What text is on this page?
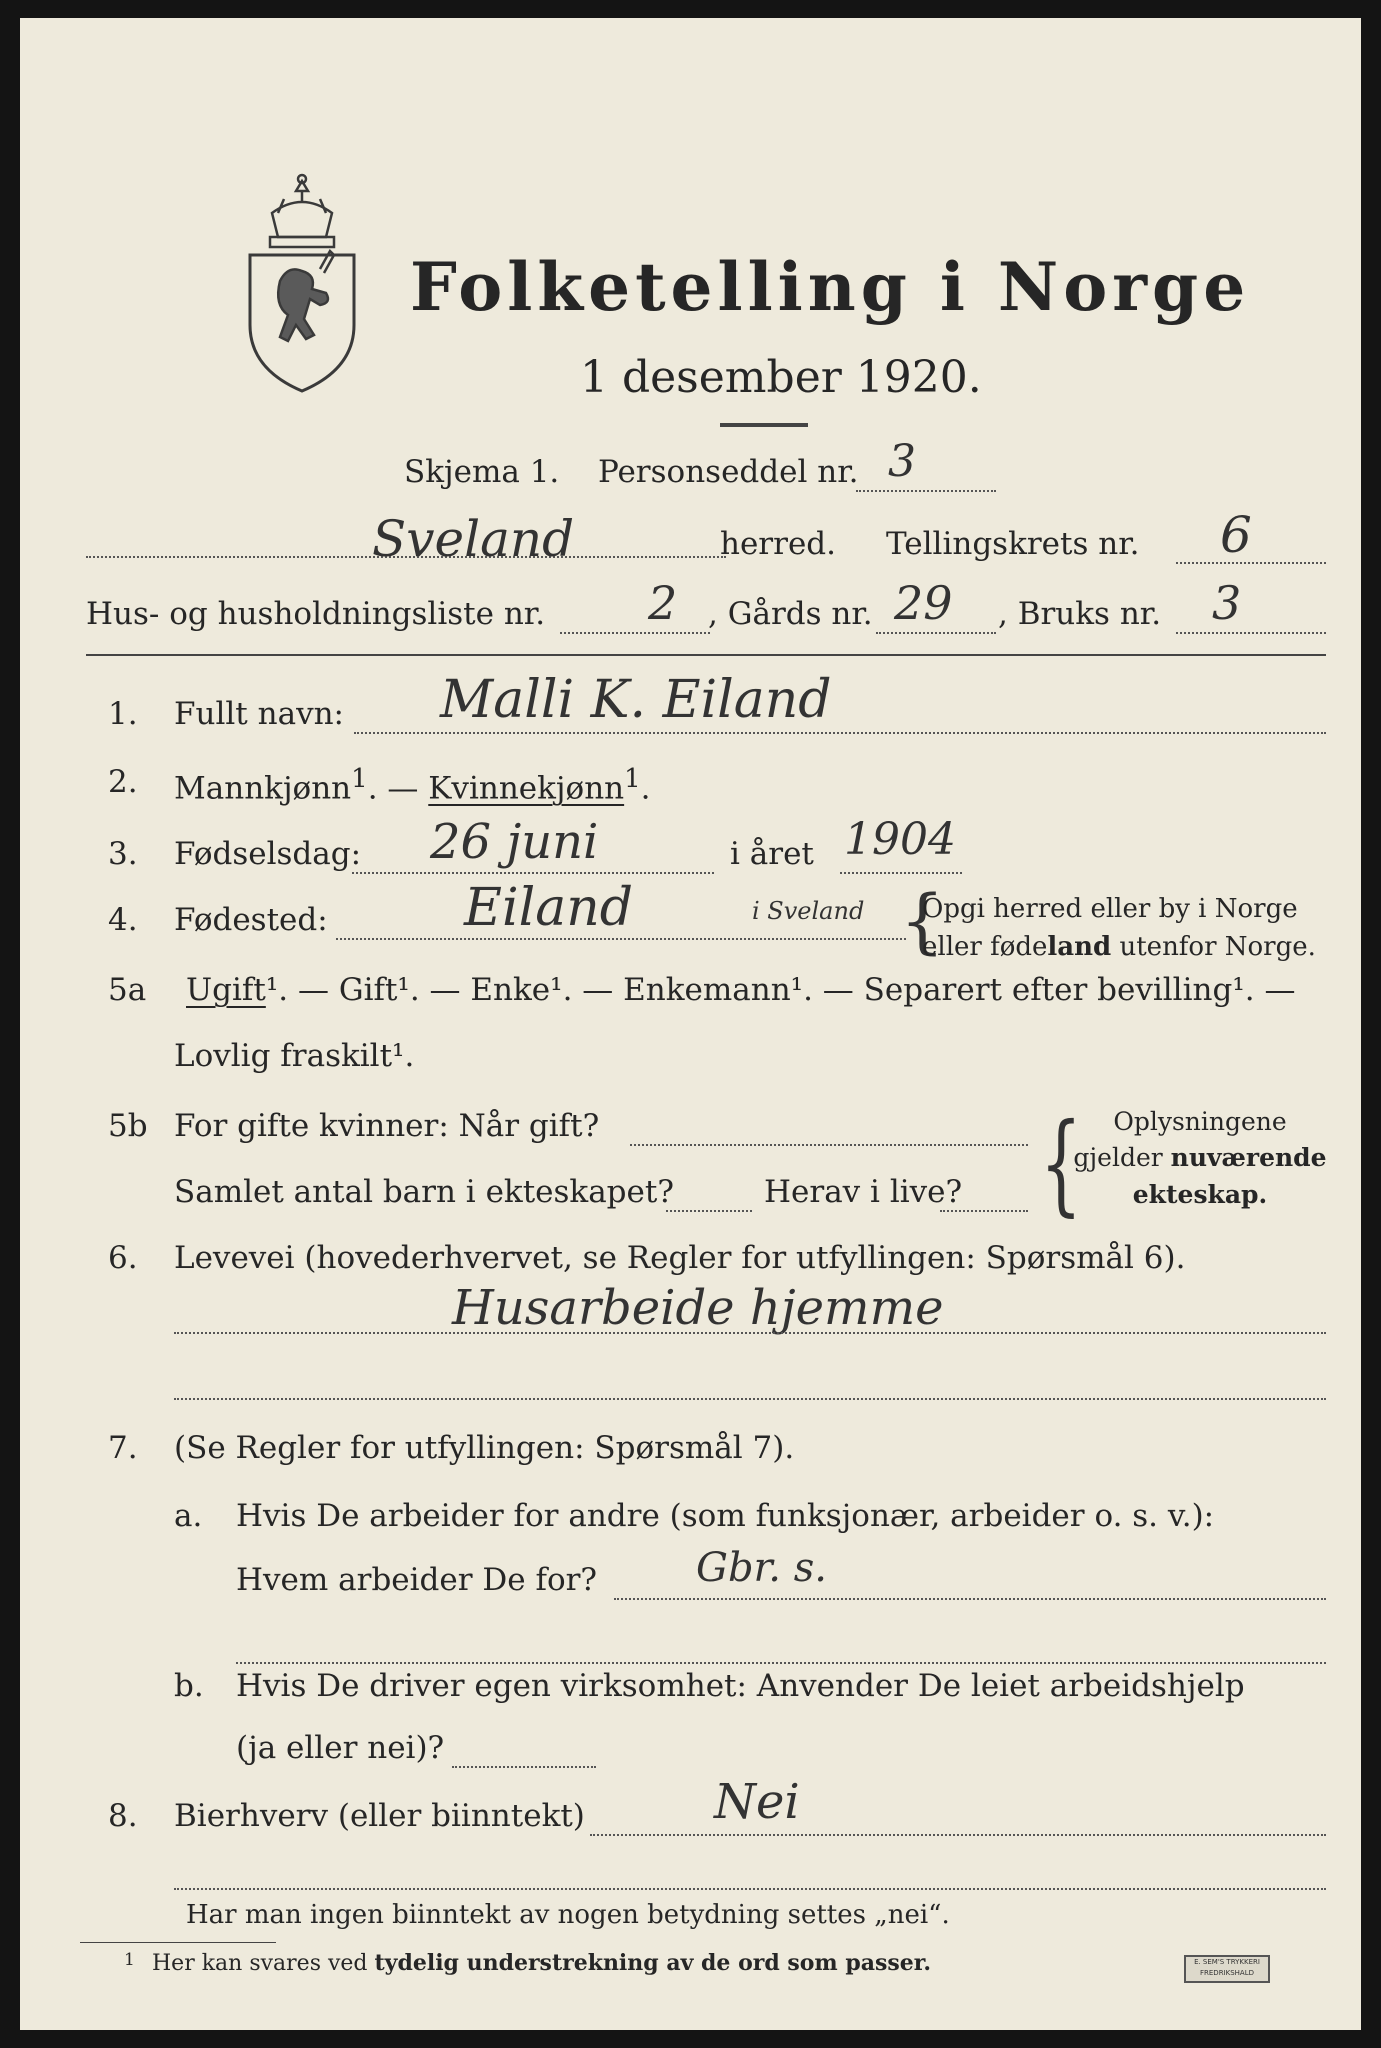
Folketelling i Norge
1 desember 1920.
Skjema 1. Personseddel nr. 3
Sveland	herred. Tellingskrets nr. 6
Hus- og husholdningsliste nr. 2 , Gårds nr. 29 , Bruks nr. 3
1. Fullt navn: Malli K. Eiland
2. Mannkjønn$^1$. — Kvinnekjønn$^1$.
3. Fødselsdag: 26 juni	i året 1904
4. Fødested:	Eiland	i Sveland {
Opgi herred eller by i Norge
eller fødeland utenfor Norge.
5a Ugift¹. — Gift¹. — Enke¹. — Enkemann¹. — Separert efter bevilling¹. —
Lovlig fraskilt¹.
5b For gifte kvinner: Når gift?
Samlet antal barn i ekteskapet?	Herav i live? {	Oplysningene
gjelder nuværende
ekteskap.
6. Levevei (hovederhvervet, se Regler for utfyllingen: Spørsmål 6).
Husarbeide hjemme
7. (Se Regler for utfyllingen: Spørsmål 7).
a. Hvis De arbeider for andre (som funksjonær, arbeider o. s. v.):
Hvem arbeider De for? Gbr. s.
b. Hvis De driver egen virksomhet: Anvender De leiet arbeidshjelp
(ja eller nei)?
8. Bierhverv (eller biinntekt)	Nei
Har man ingen biinntekt av nogen betydning settes „nei“.
1 Her kan svares ved tydelig understrekning av de ord som passer.	E. SEM'S TRYKKERI
FREDRIKSHALD
